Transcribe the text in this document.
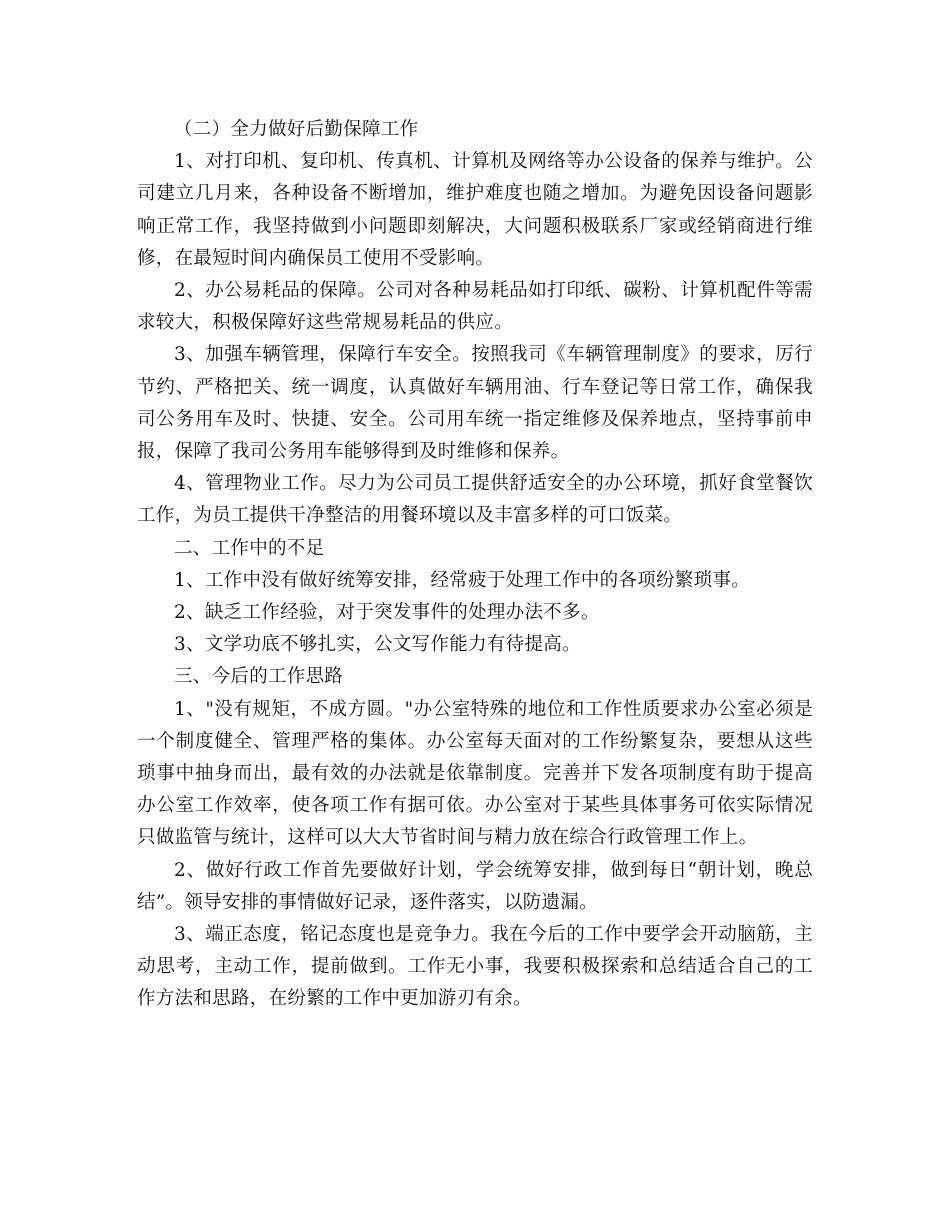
（二）全力做好后勤保障工作

1、对打印机、复印机、传真机、计算机及网络等办公设备的保养与维护。公司建立几月来，各种设备不断增加，维护难度也随之增加。为避免因设备问题影响正常工作，我坚持做到小问题即刻解决，大问题积极联系厂家或经销商进行维修，在最短时间内确保员工使用不受影响。

2、办公易耗品的保障。公司对各种易耗品如打印纸、碳粉、计算机配件等需求较大，积极保障好这些常规易耗品的供应。

3、加强车辆管理，保障行车安全。按照我司《车辆管理制度》的要求，厉行节约、严格把关、统一调度，认真做好车辆用油、行车登记等日常工作，确保我司公务用车及时、快捷、安全。公司用车统一指定维修及保养地点，坚持事前申报，保障了我司公务用车能够得到及时维修和保养。

4、管理物业工作。尽力为公司员工提供舒适安全的办公环境，抓好食堂餐饮工作，为员工提供干净整洁的用餐环境以及丰富多样的可口饭菜。

二、工作中的不足

1、工作中没有做好统筹安排，经常疲于处理工作中的各项纷繁琐事。

2、缺乏工作经验，对于突发事件的处理办法不多。

3、文学功底不够扎实，公文写作能力有待提高。

三、今后的工作思路

1、"没有规矩，不成方圆。"办公室特殊的地位和工作性质要求办公室必须是一个制度健全、管理严格的集体。办公室每天面对的工作纷繁复杂，要想从这些琐事中抽身而出，最有效的办法就是依靠制度。完善并下发各项制度有助于提高办公室工作效率，使各项工作有据可依。办公室对于某些具体事务可依实际情况只做监管与统计，这样可以大大节省时间与精力放在综合行政管理工作上。

2、做好行政工作首先要做好计划，学会统筹安排，做到每日“朝计划，晚总结”。领导安排的事情做好记录，逐件落实，以防遗漏。

3、端正态度，铭记态度也是竞争力。我在今后的工作中要学会开动脑筋，主动思考，主动工作，提前做到。工作无小事，我要积极探索和总结适合自己的工作方法和思路，在纷繁的工作中更加游刃有余。
